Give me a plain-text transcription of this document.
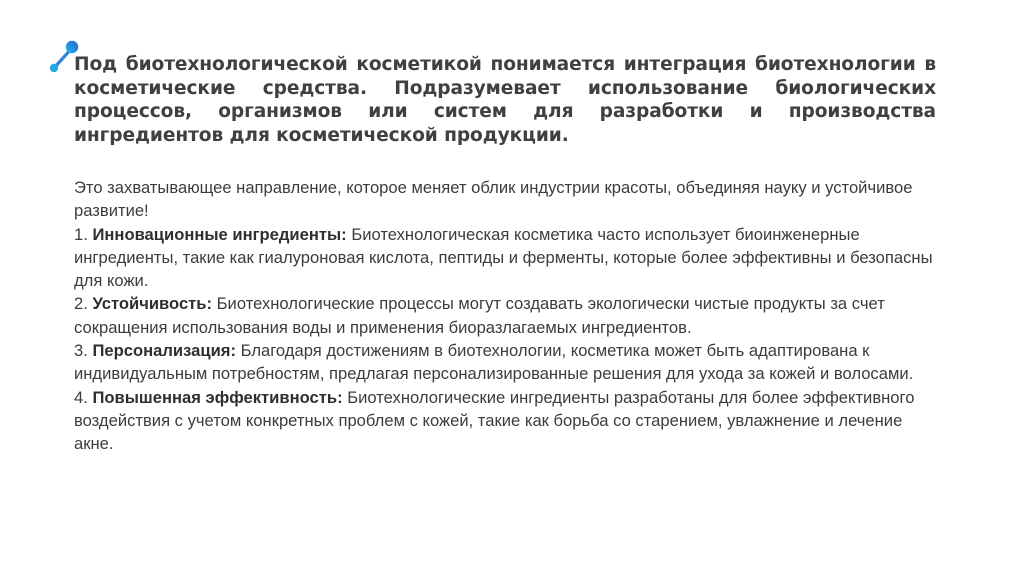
Под биотехнологической косметикой понимается интеграция биотехнологии в косметические средства. Подразумевает использование биологических процессов, организмов или систем для разработки и производства ингредиентов для косметической продукции.

Это захватывающее направление, которое меняет облик индустрии красоты, объединяя науку и устойчивое развитие!

1. Инновационные ингредиенты: Биотехнологическая косметика часто использует биоинженерные ингредиенты, такие как гиалуроновая кислота, пептиды и ферменты, которые более эффективны и безопасны для кожи.

2. Устойчивость: Биотехнологические процессы могут создавать экологически чистые продукты за счет сокращения использования воды и применения биоразлагаемых ингредиентов.

3. Персонализация: Благодаря достижениям в биотехнологии, косметика может быть адаптирована к индивидуальным потребностям, предлагая персонализированные решения для ухода за кожей и волосами.

4. Повышенная эффективность: Биотехнологические ингредиенты разработаны для более эффективного воздействия с учетом конкретных проблем с кожей, такие как борьба со старением, увлажнение и лечение акне.
